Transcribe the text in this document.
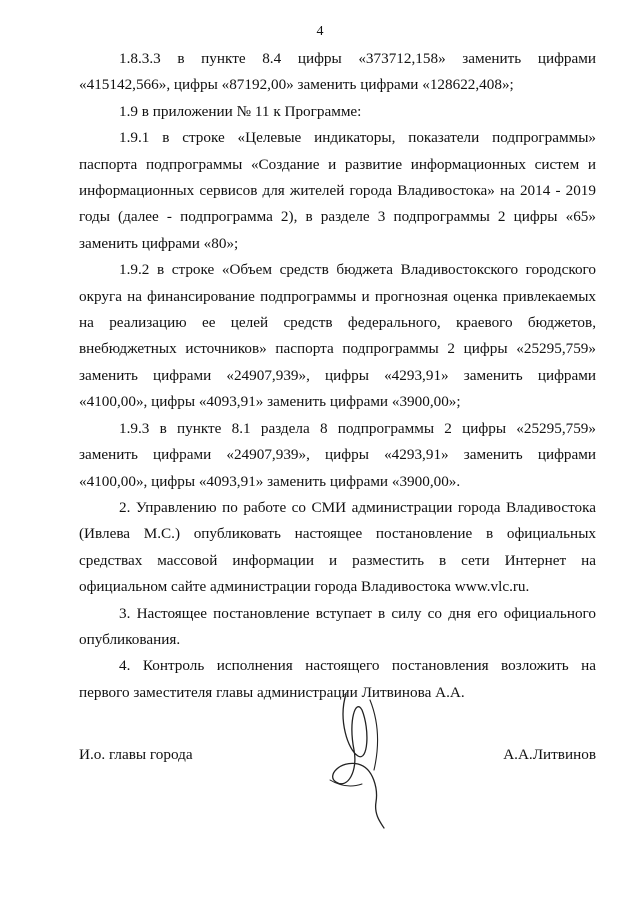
4

1.8.3.3 в пункте 8.4 цифры «373712,158» заменить цифрами «415142,566», цифры «87192,00» заменить цифрами «128622,408»;

1.9 в приложении № 11 к Программе:

1.9.1 в строке «Целевые индикаторы, показатели подпрограммы» паспорта подпрограммы «Создание и развитие информационных систем и информационных сервисов для жителей города Владивостока» на 2014 - 2019 годы (далее - подпрограмма 2), в разделе 3 подпрограммы 2 цифры «65» заменить цифрами «80»;

1.9.2 в строке «Объем средств бюджета Владивостокского городского округа на финансирование подпрограммы и прогнозная оценка привлекаемых на реализацию ее целей средств федерального, краевого бюджетов, внебюджетных источников» паспорта подпрограммы 2 цифры «25295,759» заменить цифрами «24907,939», цифры «4293,91» заменить цифрами «4100,00», цифры «4093,91» заменить цифрами «3900,00»;

1.9.3 в пункте 8.1 раздела 8 подпрограммы 2 цифры «25295,759» заменить цифрами «24907,939», цифры «4293,91» заменить цифрами «4100,00», цифры «4093,91» заменить цифрами «3900,00».

2. Управлению по работе со СМИ администрации города Владивостока (Ивлева М.С.) опубликовать настоящее постановление в официальных средствах массовой информации и разместить в сети Интернет на официальном сайте администрации города Владивостока www.vlc.ru.

3. Настоящее постановление вступает в силу со дня его официального опубликования.

4. Контроль исполнения настоящего постановления возложить на первого заместителя главы администрации Литвинова А.А.

И.о. главы города	А.А.Литвинов
